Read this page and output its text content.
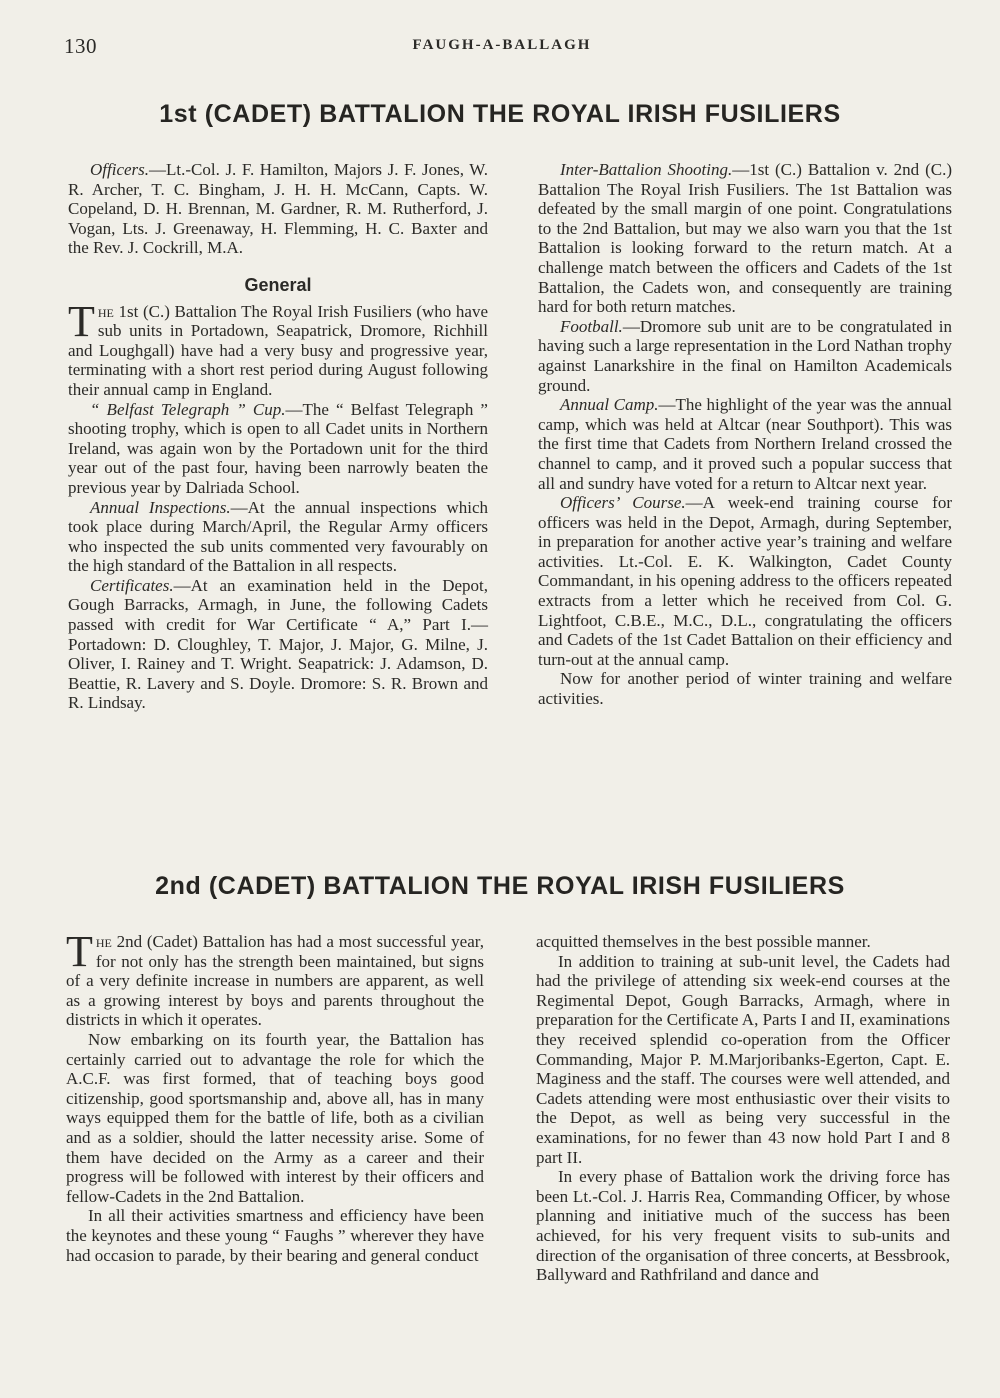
130	FAUGH-A-BALLAGH
1st (CADET) BATTALION THE ROYAL IRISH FUSILIERS

Officers.—Lt.-Col. J. F. Hamilton, Majors J. F. Jones, W. R. Archer, T. C. Bingham, J. H. H. McCann, Capts. W. Copeland, D. H. Brennan, M. Gardner, R. M. Rutherford, J. Vogan, Lts. J. Greenaway, H. Flemming, H. C. Baxter and the Rev. J. Cockrill, M.A.

General

The 1st (C.) Battalion The Royal Irish Fusiliers (who have sub units in Portadown, Seapatrick, Dromore, Richhill and Loughgall) have had a very busy and progressive year, terminating with a short rest period during August following their annual camp in England.

“ Belfast Telegraph ” Cup.—The “ Belfast Telegraph ” shooting trophy, which is open to all Cadet units in Northern Ireland, was again won by the Portadown unit for the third year out of the past four, having been narrowly beaten the previous year by Dalriada School.

Annual Inspections.—At the annual inspections which took place during March/April, the Regular Army officers who inspected the sub units commented very favourably on the high standard of the Battalion in all respects.

Certificates.—At an examination held in the Depot, Gough Barracks, Armagh, in June, the following Cadets passed with credit for War Certificate “ A,” Part I.—Portadown: D. Cloughley, T. Major, J. Major, G. Milne, J. Oliver, I. Rainey and T. Wright. Seapatrick: J. Adamson, D. Beattie, R. Lavery and S. Doyle. Dromore: S. R. Brown and R. Lindsay.

Inter-Battalion Shooting.—1st (C.) Battalion v. 2nd (C.) Battalion The Royal Irish Fusiliers. The 1st Battalion was defeated by the small margin of one point. Congratulations to the 2nd Battalion, but may we also warn you that the 1st Battalion is looking forward to the return match. At a challenge match between the officers and Cadets of the 1st Battalion, the Cadets won, and consequently are training hard for both return matches.

Football.—Dromore sub unit are to be congratulated in having such a large representation in the Lord Nathan trophy against Lanarkshire in the final on Hamilton Academicals ground.

Annual Camp.—The highlight of the year was the annual camp, which was held at Altcar (near Southport). This was the first time that Cadets from Northern Ireland crossed the channel to camp, and it proved such a popular success that all and sundry have voted for a return to Altcar next year.

Officers’ Course.—A week-end training course for officers was held in the Depot, Armagh, during September, in preparation for another active year’s training and welfare activities. Lt.-Col. E. K. Walkington, Cadet County Commandant, in his opening address to the officers repeated extracts from a letter which he received from Col. G. Lightfoot, C.B.E., M.C., D.L., congratulating the officers and Cadets of the 1st Cadet Battalion on their efficiency and turn-out at the annual camp.

Now for another period of winter training and welfare activities.

2nd (CADET) BATTALION THE ROYAL IRISH FUSILIERS

The 2nd (Cadet) Battalion has had a most successful year, for not only has the strength been maintained, but signs of a very definite increase in numbers are apparent, as well as a growing interest by boys and parents throughout the districts in which it operates.

Now embarking on its fourth year, the Battalion has certainly carried out to advantage the role for which the A.C.F. was first formed, that of teaching boys good citizenship, good sportsmanship and, above all, has in many ways equipped them for the battle of life, both as a civilian and as a soldier, should the latter necessity arise. Some of them have decided on the Army as a career and their progress will be followed with interest by their officers and fellow-Cadets in the 2nd Battalion.

In all their activities smartness and efficiency have been the keynotes and these young “ Faughs ” wherever they have had occasion to parade, by their bearing and general conduct

acquitted themselves in the best possible manner.

In addition to training at sub-unit level, the Cadets had had the privilege of attending six week-end courses at the Regimental Depot, Gough Barracks, Armagh, where in preparation for the Certificate A, Parts I and II, examinations they received splendid co-operation from the Officer Commanding, Major P. M.Marjoribanks-Egerton, Capt. E. Maginess and the staff. The courses were well attended, and Cadets attending were most enthusiastic over their visits to the Depot, as well as being very successful in the examinations, for no fewer than 43 now hold Part I and 8 part II.

In every phase of Battalion work the driving force has been Lt.-Col. J. Harris Rea, Commanding Officer, by whose planning and initiative much of the success has been achieved, for his very frequent visits to sub-units and direction of the organisation of three concerts, at Bessbrook, Ballyward and Rathfriland and dance and
